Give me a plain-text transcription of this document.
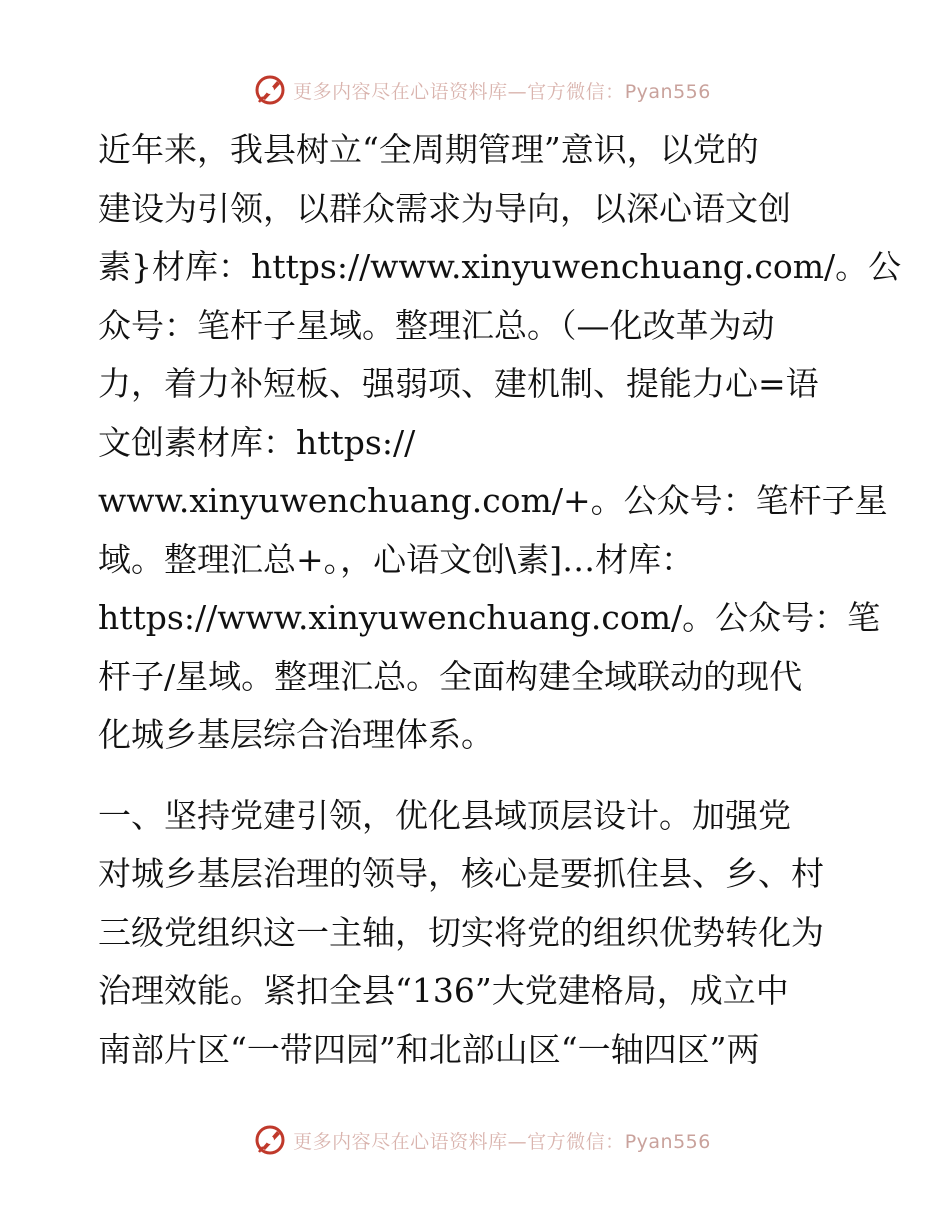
更多内容尽在心语资料库—官方微信：Pyan556

近年来，我县树立“全周期管理”意识，以党的
建设为引领，以群众需求为导向，以深心语文创
素}材库：https://www.xinyuwenchuang.com/。公
众号：笔杆子星域。整理汇总。（—化改革为动
力，着力补短板、强弱项、建机制、提能力心=语
文创素材库：https://
www.xinyuwenchuang.com/+。公众号：笔杆子星
域。整理汇总+。，心语文创\素]…材库：
https://www.xinyuwenchuang.com/。公众号：笔
杆子/星域。整理汇总。全面构建全域联动的现代
化城乡基层综合治理体系。

一、坚持党建引领，优化县域顶层设计。加强党
对城乡基层治理的领导，核心是要抓住县、乡、村
三级党组织这一主轴，切实将党的组织优势转化为
治理效能。紧扣全县“136”大党建格局，成立中
南部片区“一带四园”和北部山区“一轴四区”两

更多内容尽在心语资料库—官方微信：Pyan556
